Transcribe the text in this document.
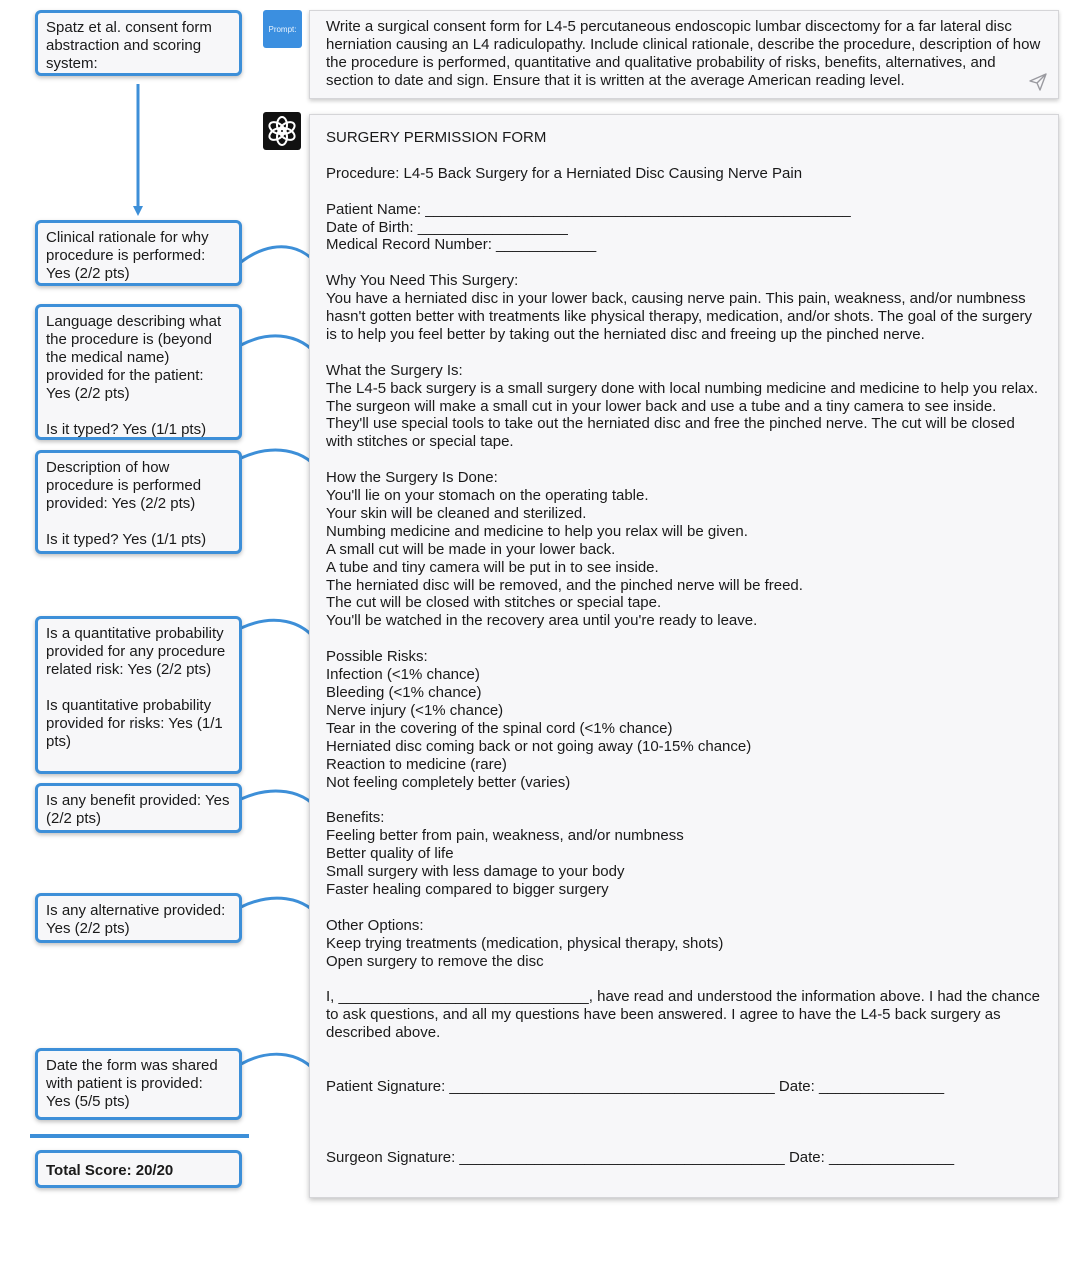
Spatz et al. consent form abstraction and scoring system:

Clinical rationale for why procedure is performed: Yes (2/2 pts)

Language describing what the procedure is (beyond the medical name) provided for the patient: Yes (2/2 pts)

Is it typed? Yes (1/1 pts)

Description of how procedure is performed provided: Yes (2/2 pts)

Is it typed? Yes (1/1 pts)

Is a quantitative probability provided for any procedure related risk: Yes (2/2 pts)

Is quantitative probability provided for risks: Yes (1/1 pts)

Is any benefit provided: Yes (2/2 pts)

Is any alternative provided: Yes (2/2 pts)

Date the form was shared with patient is provided: Yes (5/5 pts)

Total Score: 20/20

Prompt:	Write a surgical consent form for L4-5 percutaneous endoscopic lumbar discectomy for a far lateral disc herniation causing an L4 radiculopathy. Include clinical rationale, describe the procedure, description of how the procedure is performed, quantitative and qualitative probability of risks, benefits, alternatives, and section to date and sign. Ensure that it is written at the average American reading level.

SURGERY PERMISSION FORM

Procedure: L4-5 Back Surgery for a Herniated Disc Causing Nerve Pain

Patient Name: ___________________________________________________

Date of Birth: __________________

Medical Record Number: ____________

Why You Need This Surgery:

You have a herniated disc in your lower back, causing nerve pain. This pain, weakness, and/or numbness hasn't gotten better with treatments like physical therapy, medication, and/or shots. The goal of the surgery is to help you feel better by taking out the herniated disc and freeing up the pinched nerve.

What the Surgery Is:

The L4-5 back surgery is a small surgery done with local numbing medicine and medicine to help you relax. The surgeon will make a small cut in your lower back and use a tube and a tiny camera to see inside. They'll use special tools to take out the herniated disc and free the pinched nerve. The cut will be closed with stitches or special tape.

How the Surgery Is Done:

You'll lie on your stomach on the operating table.

Your skin will be cleaned and sterilized.

Numbing medicine and medicine to help you relax will be given.

A small cut will be made in your lower back.

A tube and tiny camera will be put in to see inside.

The herniated disc will be removed, and the pinched nerve will be freed.

The cut will be closed with stitches or special tape.

You'll be watched in the recovery area until you're ready to leave.

Possible Risks:

Infection (<1% chance)

Bleeding (<1% chance)

Nerve injury (<1% chance)

Tear in the covering of the spinal cord (<1% chance)

Herniated disc coming back or not going away (10-15% chance)

Reaction to medicine (rare)

Not feeling completely better (varies)

Benefits:

Feeling better from pain, weakness, and/or numbness

Better quality of life

Small surgery with less damage to your body

Faster healing compared to bigger surgery

Other Options:

Keep trying treatments (medication, physical therapy, shots)

Open surgery to remove the disc

I, ______________________________, have read and understood the information above. I had the chance to ask questions, and all my questions have been answered. I agree to have the L4-5 back surgery as described above.

Patient Signature: _______________________________________ Date: _______________

Surgeon Signature: _______________________________________ Date: _______________
